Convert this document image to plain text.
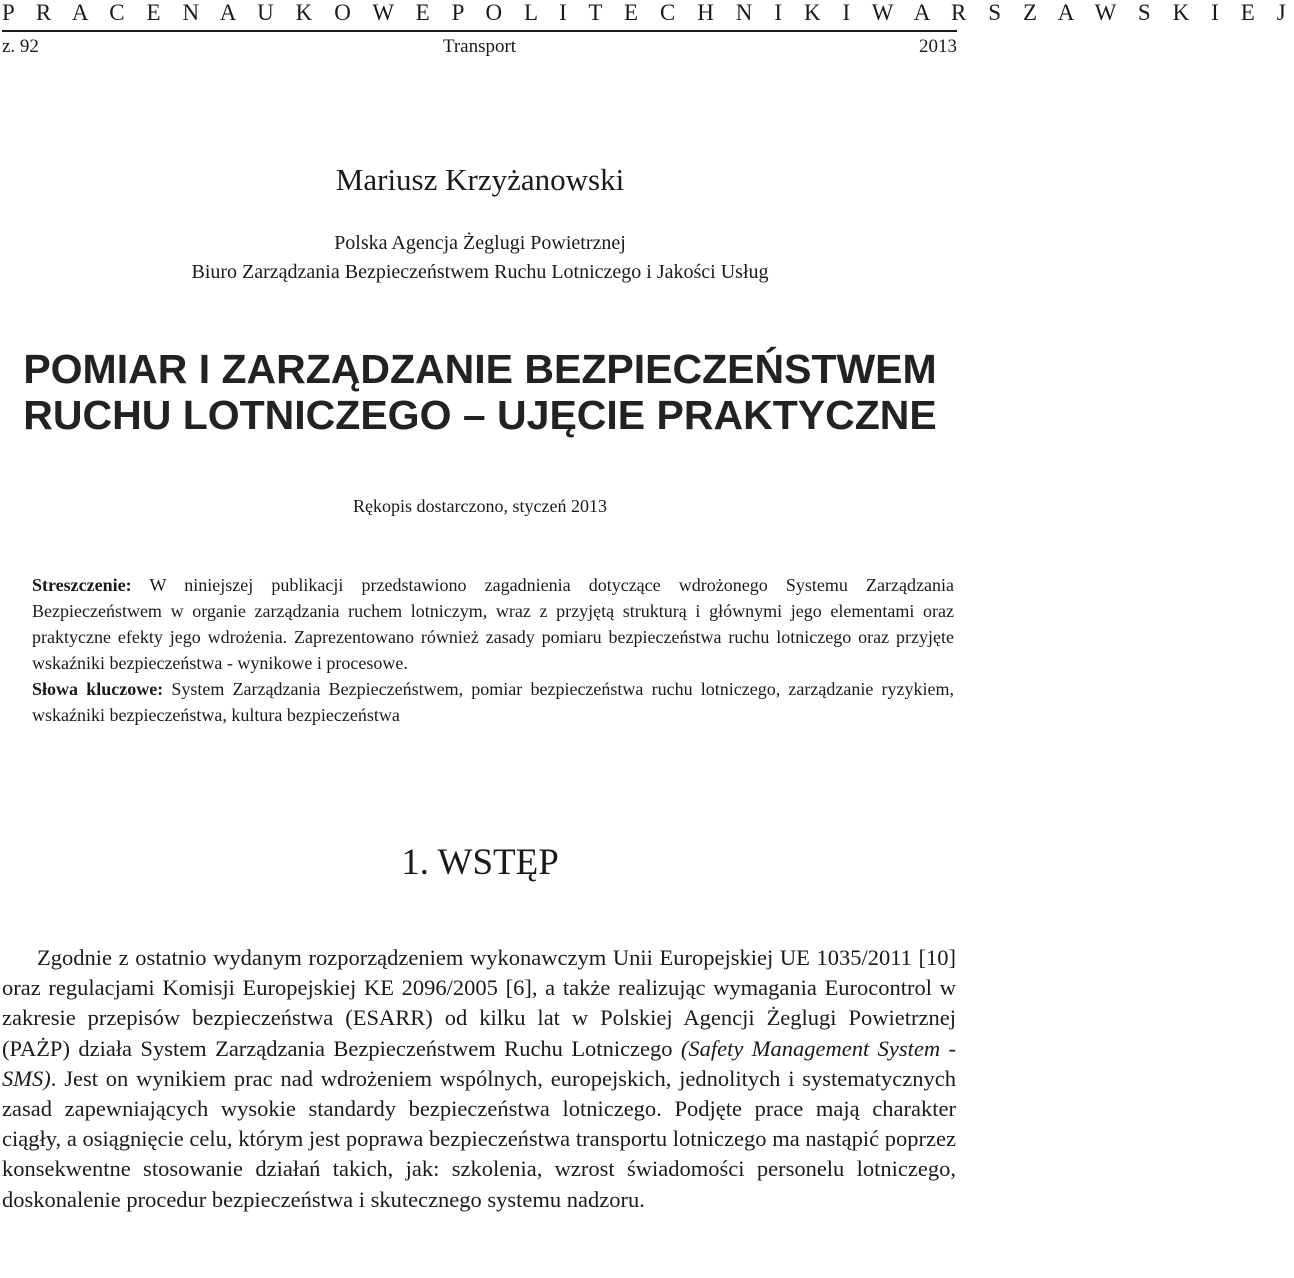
P R A C E N A U K O W E P O L I T E C H N I K I W A R S Z A W S K I E J
z. 92	Transport	2013
Mariusz Krzyżanowski
Polska Agencja Żeglugi Powietrznej
Biuro Zarządzania Bezpieczeństwem Ruchu Lotniczego i Jakości Usług
POMIAR I ZARZĄDZANIE BEZPIECZEŃSTWEM
RUCHU LOTNICZEGO – UJĘCIE PRAKTYCZNE
Rękopis dostarczono, styczeń 2013

Streszczenie: W niniejszej publikacji przedstawiono zagadnienia dotyczące wdrożonego Systemu Zarządzania Bezpieczeństwem w organie zarządzania ruchem lotniczym, wraz z przyjętą strukturą i głównymi jego elementami oraz praktyczne efekty jego wdrożenia. Zaprezentowano również zasady pomiaru bezpieczeństwa ruchu lotniczego oraz przyjęte wskaźniki bezpieczeństwa - wynikowe i procesowe.

Słowa kluczowe: System Zarządzania Bezpieczeństwem, pomiar bezpieczeństwa ruchu lotniczego, zarządzanie ryzykiem, wskaźniki bezpieczeństwa, kultura bezpieczeństwa

1. WSTĘP

Zgodnie z ostatnio wydanym rozporządzeniem wykonawczym Unii Europejskiej UE 1035/2011 [10] oraz regulacjami Komisji Europejskiej KE 2096/2005 [6], a także realizując wymagania Eurocontrol w zakresie przepisów bezpieczeństwa (ESARR) od kilku lat w Polskiej Agencji Żeglugi Powietrznej (PAŻP) działa System Zarządzania Bezpieczeństwem Ruchu Lotniczego (Safety Management System - SMS). Jest on wynikiem prac nad wdrożeniem wspólnych, europejskich, jednolitych i systematycznych zasad zapewniających wysokie standardy bezpieczeństwa lotniczego. Podjęte prace mają charakter ciągły, a osiągnięcie celu, którym jest poprawa bezpieczeństwa transportu lotniczego ma nastąpić poprzez konsekwentne stosowanie działań takich, jak: szkolenia, wzrost świadomości personelu lotniczego, doskonalenie procedur bezpieczeństwa i skutecznego systemu nadzoru.
